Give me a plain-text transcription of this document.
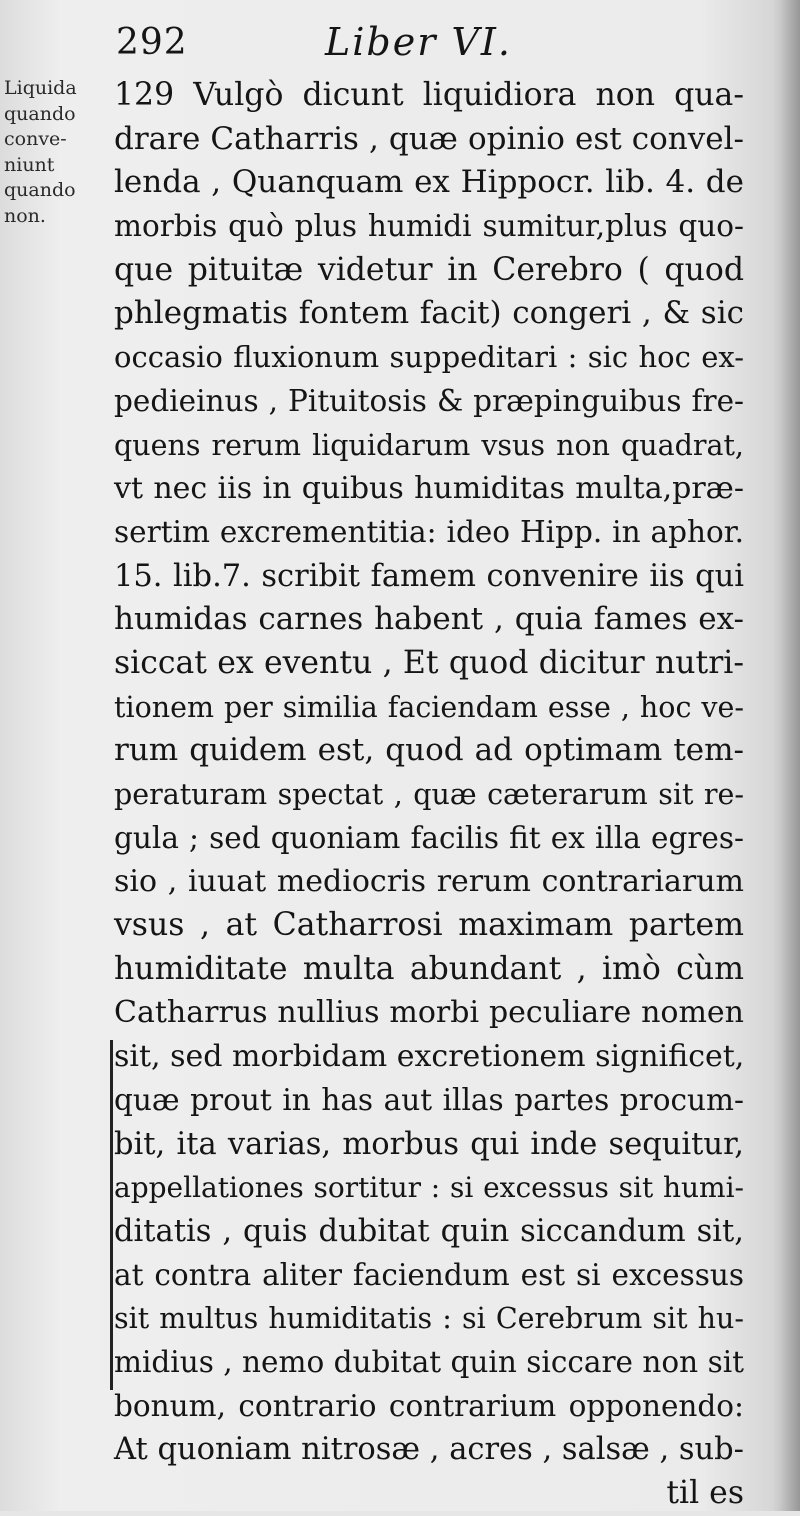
292	Liber VI.
Liquida
quando
conve-
niunt
quando
non.
129 Vulgò dicunt liquidiora non qua-
drare Catharris , quæ opinio est convel-
lenda , Quanquam ex Hippocr. lib. 4. de
morbis quò plus humidi sumitur,plus quo-
que pituitæ videtur in Cerebro ( quod
phlegmatis fontem facit) congeri , & sic
occasio fluxionum suppeditari : sic hoc ex-
pedieinus , Pituitosis & præpinguibus fre-
quens rerum liquidarum vsus non quadrat,
vt nec iis in quibus humiditas multa,præ-
sertim excrementitia: ideo Hipp. in aphor.
15. lib.7. scribit famem convenire iis qui
humidas carnes habent , quia fames ex-
siccat ex eventu , Et quod dicitur nutri-
tionem per similia faciendam esse , hoc ve-
rum quidem est, quod ad optimam tem-
peraturam spectat , quæ cæterarum sit re-
gula ; sed quoniam facilis fit ex illa egres-
sio , iuuat mediocris rerum contrariarum
vsus , at Catharrosi maximam partem
humiditate multa abundant , imò cùm
Catharrus nullius morbi peculiare nomen
sit, sed morbidam excretionem significet,
quæ prout in has aut illas partes procum-
bit, ita varias, morbus qui inde sequitur,
appellationes sortitur : si excessus sit humi-
ditatis , quis dubitat quin siccandum sit,
at contra aliter faciendum est si excessus
sit multus humiditatis : si Cerebrum sit hu-
midius , nemo dubitat quin siccare non sit
bonum, contrario contrarium opponendo:
At quoniam nitrosæ , acres , salsæ , sub-
til es
